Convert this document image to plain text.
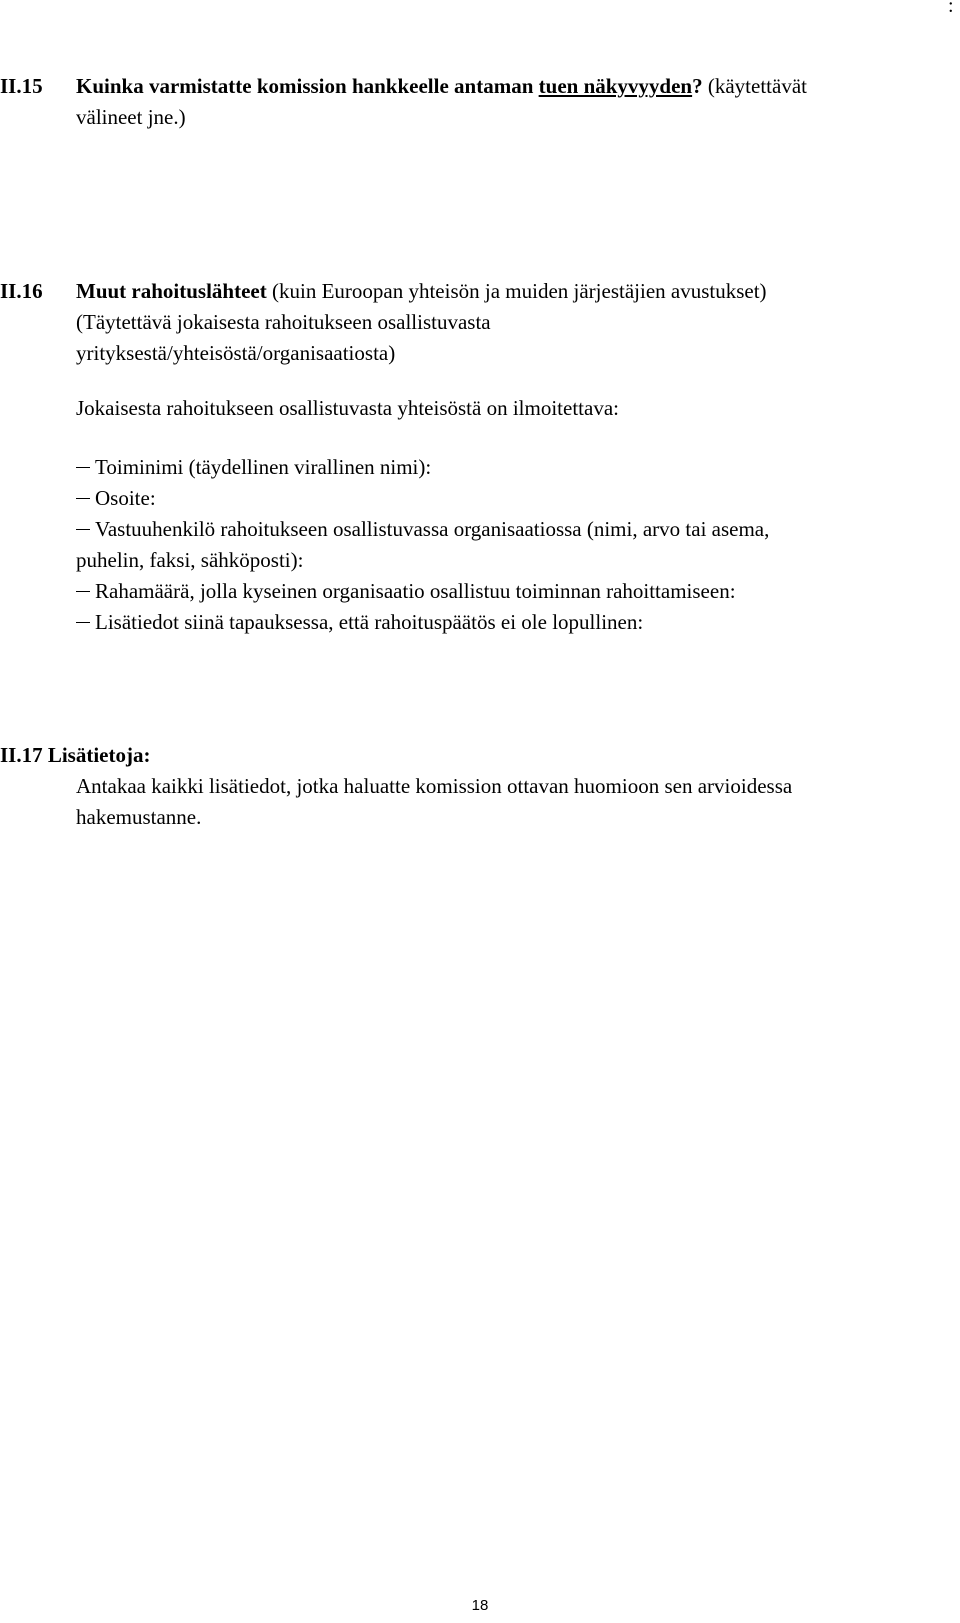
:
II.15 Kuinka varmistatte komission hankkeelle antaman tuen näkyvyyden? (käytettävät
välineet jne.)
II.16 Muut rahoituslähteet (kuin Euroopan yhteisön ja muiden järjestäjien avustukset)
(Täytettävä jokaisesta rahoitukseen osallistuvasta
yrityksestä/yhteisöstä/organisaatiosta)
Jokaisesta rahoitukseen osallistuvasta yhteisöstä on ilmoitettava:
Toiminimi (täydellinen virallinen nimi):
Osoite:
Vastuuhenkilö rahoitukseen osallistuvassa organisaatiossa (nimi, arvo tai asema,
puhelin, faksi, sähköposti):
Rahamäärä, jolla kyseinen organisaatio osallistuu toiminnan rahoittamiseen:
Lisätiedot siinä tapauksessa, että rahoituspäätös ei ole lopullinen:
II.17 Lisätietoja:
Antakaa kaikki lisätiedot, jotka haluatte komission ottavan huomioon sen arvioidessa
hakemustanne.
18
